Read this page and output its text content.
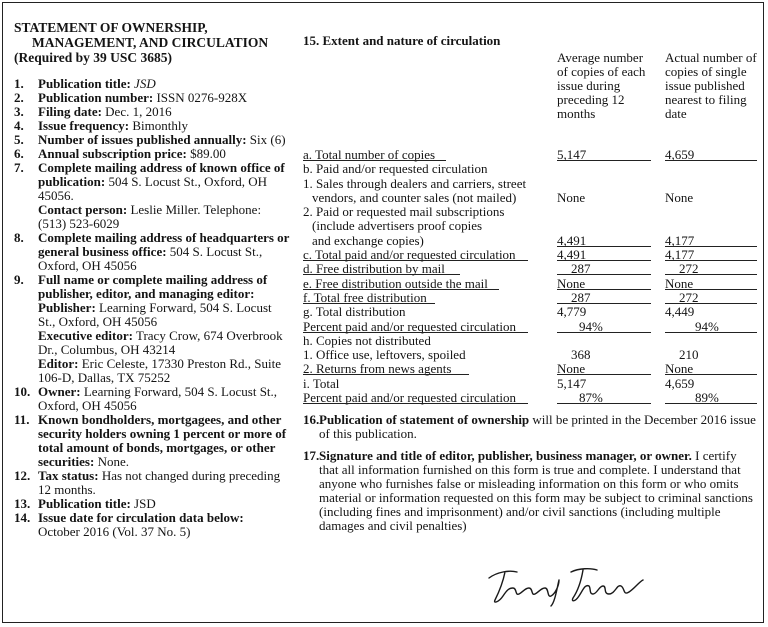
STATEMENT OF OWNERSHIP,
MANAGEMENT, AND CIRCULATION
(Required by 39 USC 3685)
1. Publication title: JSD
2. Publication number: ISSN 0276-928X
3. Filing date: Dec. 1, 2016
4. Issue frequency: Bimonthly
5. Number of issues published annually: Six (6)
6. Annual subscription price: $89.00
7. Complete mailing address of known office of publication: 504 S. Locust St., Oxford, OH 45056.
Contact person: Leslie Miller. Telephone: (513) 523-6029
8. Complete mailing address of headquarters or general business office: 504 S. Locust St., Oxford, OH 45056
9. Full name or complete mailing address of publisher, editor, and managing editor:
Publisher: Learning Forward, 504 S. Locust St., Oxford, OH 45056
Executive editor: Tracy Crow, 674 Overbrook Dr., Columbus, OH 43214
Editor: Eric Celeste, 17330 Preston Rd., Suite 106-D, Dallas, TX 75252
10. Owner: Learning Forward, 504 S. Locust St., Oxford, OH 45056
11. Known bondholders, mortgagees, and other security holders owning 1 percent or more of total amount of bonds, mortgages, or other securities: None.
12. Tax status: Has not changed during preceding 12 months.
13. Publication title: JSD
14. Issue date for circulation data below:
October 2016 (Vol. 37 No. 5)
15. Extent and nature of circulation
Average number of copies of each issue during preceding 12 months
Actual number of copies of single issue published nearest to filing date
a. Total number of copies	5,147	4,659
b. Paid and/or requested circulation
1. Sales through dealers and carriers, street
vendors, and counter sales (not mailed)	None	None
2. Paid or requested mail subscriptions
(include advertisers proof copies
and exchange copies)	4,491	4,177
c. Total paid and/or requested circulation	4,491	4,177
d. Free distribution by mail	287	272
e. Free distribution outside the mail	None	None
f. Total free distribution	287	272
g. Total distribution	4,779	4,449
Percent paid and/or requested circulation	94%	94%
h. Copies not distributed
1. Office use, leftovers, spoiled	368	210
2. Returns from news agents	None	None
i. Total	5,147	4,659
Percent paid and/or requested circulation	87%	89%
16. Publication of statement of ownership will be printed in the December 2016 issue of this publication.
17. Signature and title of editor, publisher, business manager, or owner. I certify that all information furnished on this form is true and complete. I understand that anyone who furnishes false or misleading information on this form or who omits material or information requested on this form may be subject to criminal sanctions (including fines and imprisonment) and/or civil sanctions (including multiple damages and civil penalties)
